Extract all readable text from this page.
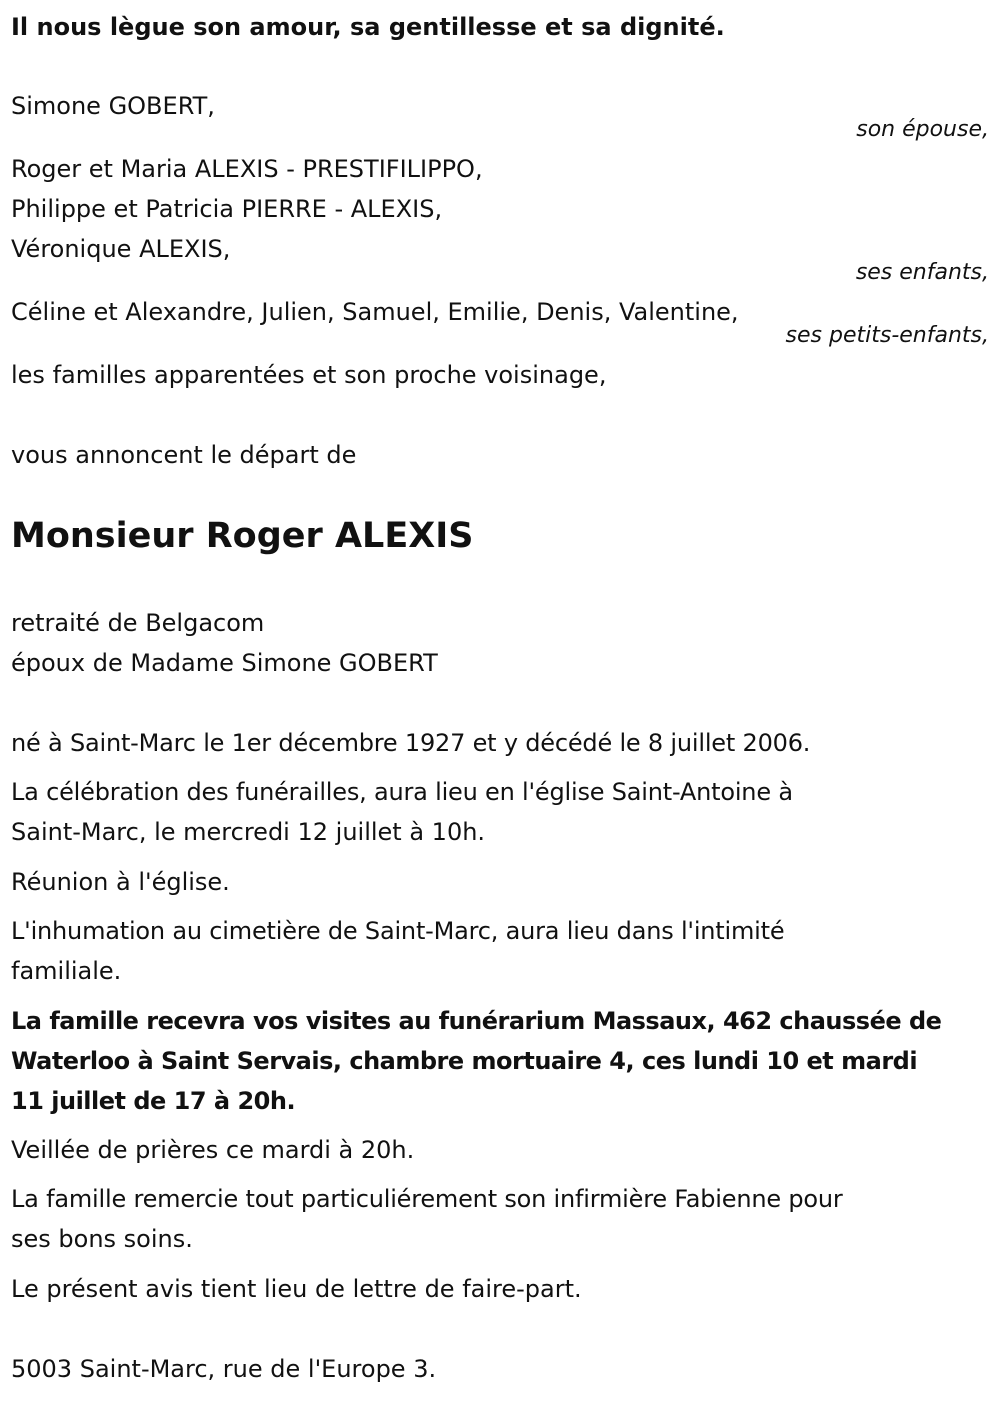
Il nous lègue son amour, sa gentillesse et sa dignité.
Simone GOBERT,
son épouse,
Roger et Maria ALEXIS - PRESTIFILIPPO,
Philippe et Patricia PIERRE - ALEXIS,
Véronique ALEXIS,
ses enfants,
Céline et Alexandre, Julien, Samuel, Emilie, Denis, Valentine,
ses petits-enfants,
les familles apparentées et son proche voisinage,
vous annoncent le départ de
Monsieur Roger ALEXIS
retraité de Belgacom
époux de Madame Simone GOBERT
né à Saint-Marc le 1er décembre 1927 et y décédé le 8 juillet 2006.
La célébration des funérailles, aura lieu en l'église Saint-Antoine à
Saint-Marc, le mercredi 12 juillet à 10h.
Réunion à l'église.
L'inhumation au cimetière de Saint-Marc, aura lieu dans l'intimité
familiale.
La famille recevra vos visites au funérarium Massaux, 462 chaussée de
Waterloo à Saint Servais, chambre mortuaire 4, ces lundi 10 et mardi
11 juillet de 17 à 20h.
Veillée de prières ce mardi à 20h.
La famille remercie tout particuliérement son infirmière Fabienne pour
ses bons soins.
Le présent avis tient lieu de lettre de faire-part.
5003 Saint-Marc, rue de l'Europe 3.
